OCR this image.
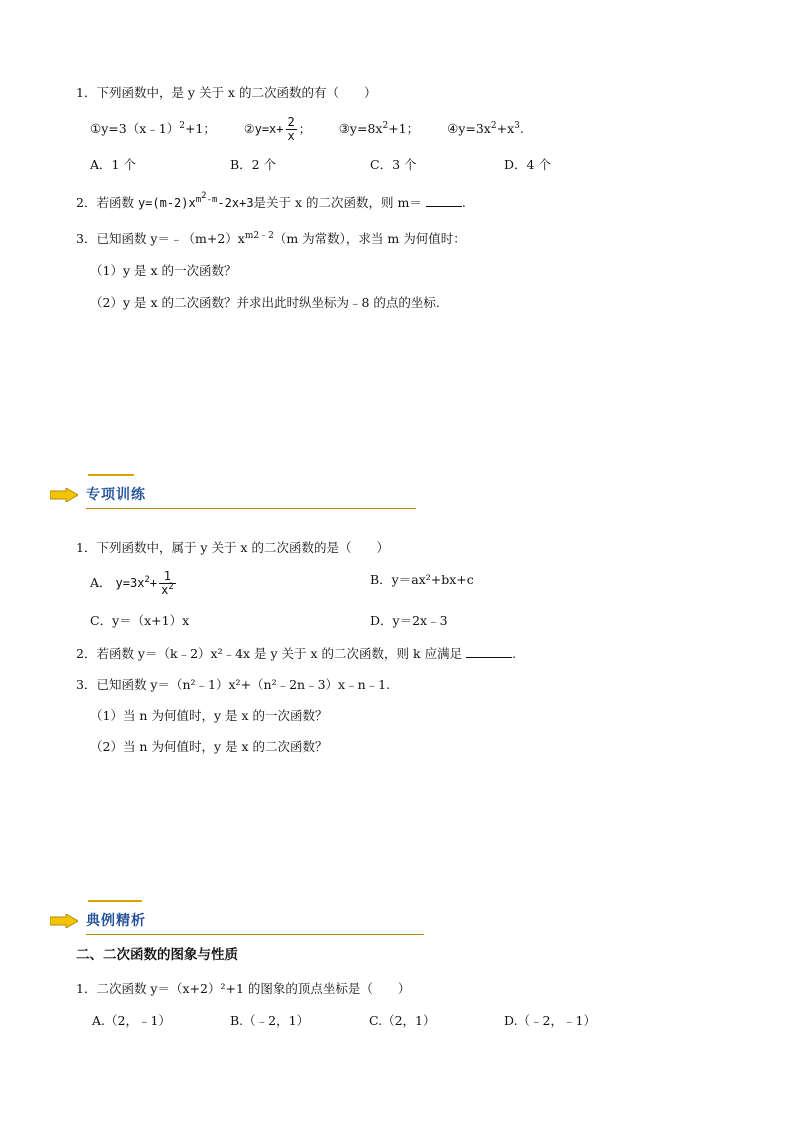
1．下列函数中，是 y 关于 x 的二次函数的有（　　）
①y=3（x﹣1）$^2$+1； ②y=x+ $\frac{2}{x}$ ； $③y=8x^2+1$； $④y=3x^2+x^3$.
A．1 个	B．2 个	C．3 个	D．4 个
2．若函数 $y=(m-2)x^{m^2-m}-2x+3$是关于 x 的二次函数，则 m＝	.
3．已知函数 $y=﹣(m+2)x^{m2﹣2}(m$ 为常数），求当 m 为何值时：
（1）y 是 x 的一次函数？
（2）y 是 x 的二次函数？并求出此时纵坐标为﹣8 的点的坐标.
专项训练
1．下列函数中，属于 y 关于 x 的二次函数的是（　　）
A． $y=3x^2+ \frac{1}{x^2}$	B．y＝ax²+bx+c
C．y＝（x+1）x	D．y＝2x﹣3
2．若函数 y＝（k﹣2）x²﹣4x 是 y 关于 x 的二次函数，则 k 应满足	.
3．已知函数 y＝（n²﹣1）x²+（n²﹣2n﹣3）x﹣n﹣1.
（1）当 n 为何值时，y 是 x 的一次函数？
（2）当 n 为何值时，y 是 x 的二次函数？
典例精析
二、二次函数的图象与性质
1．二次函数 y＝（x+2）²+1 的图象的顶点坐标是（　　）
A.（2，﹣1）	B.（﹣2，1）	C.（2，1）	D.（﹣2，﹣1）
